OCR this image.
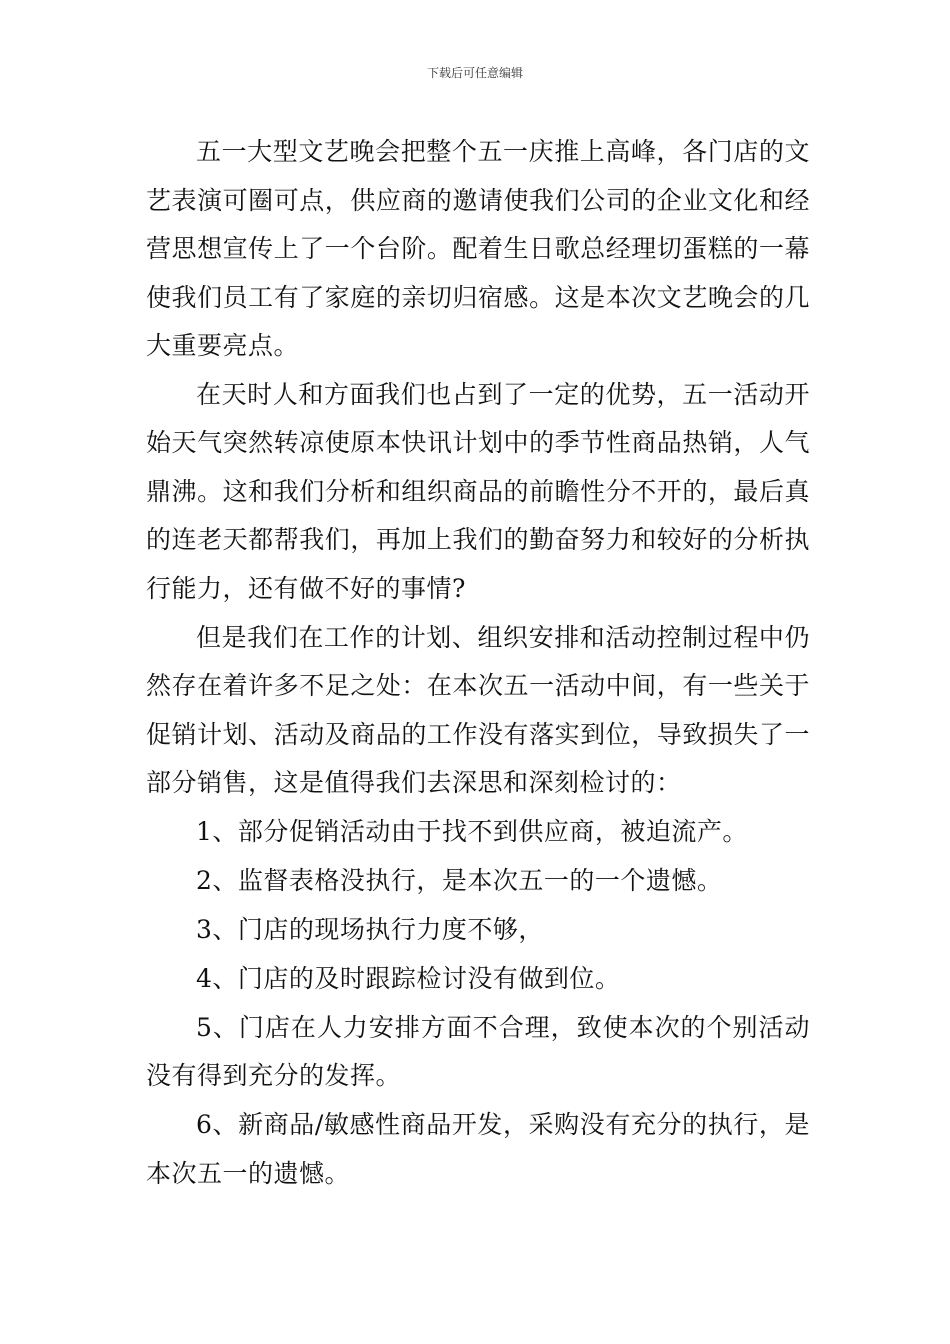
下载后可任意编辑

五一大型文艺晚会把整个五一庆推上高峰，各门店的文艺表演可圈可点，供应商的邀请使我们公司的企业文化和经营思想宣传上了一个台阶。配着生日歌总经理切蛋糕的一幕使我们员工有了家庭的亲切归宿感。这是本次文艺晚会的几大重要亮点。

在天时人和方面我们也占到了一定的优势，五一活动开始天气突然转凉使原本快讯计划中的季节性商品热销，人气鼎沸。这和我们分析和组织商品的前瞻性分不开的，最后真的连老天都帮我们，再加上我们的勤奋努力和较好的分析执行能力，还有做不好的事情?

但是我们在工作的计划、组织安排和活动控制过程中仍然存在着许多不足之处：在本次五一活动中间，有一些关于促销计划、活动及商品的工作没有落实到位，导致损失了一部分销售，这是值得我们去深思和深刻检讨的：

1、部分促销活动由于找不到供应商，被迫流产。

2、监督表格没执行，是本次五一的一个遗憾。

3、门店的现场执行力度不够，

4、门店的及时跟踪检讨没有做到位。

5、门店在人力安排方面不合理，致使本次的个别活动没有得到充分的发挥。

6、新商品/敏感性商品开发，采购没有充分的执行，是本次五一的遗憾。
